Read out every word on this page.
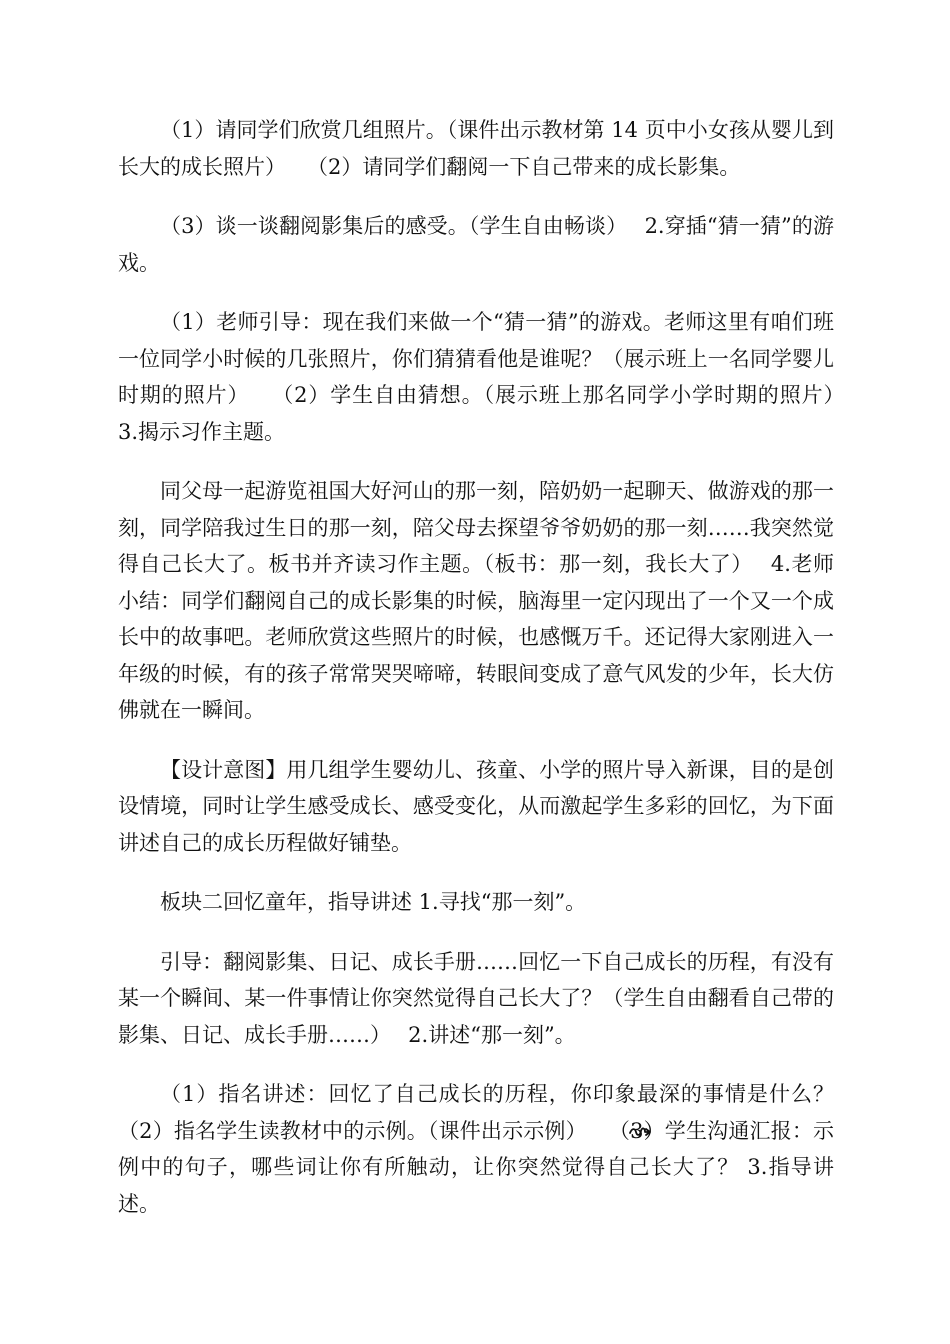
（1）请同学们欣赏几组照片。（课件出示教材第 14 页中小女孩从婴儿到长大的成长照片）　　（2）请同学们翻阅一下自己带来的成长影集。

（3）谈一谈翻阅影集后的感受。（学生自由畅谈）　 2.穿插“猜一猜”的游戏。

（1）老师引导：现在我们来做一个“猜一猜”的游戏。老师这里有咱们班一位同学小时候的几张照片，你们猜猜看他是谁呢？（展示班上一名同学婴儿时期的照片）　　（2）学生自由猜想。（展示班上那名同学小学时期的照片）　 3.揭示习作主题。

同父母一起游览祖国大好河山的那一刻，陪奶奶一起聊天、做游戏的那一刻，同学陪我过生日的那一刻，陪父母去探望爷爷奶奶的那一刻……我突然觉得自己长大了。板书并齐读习作主题。（板书：那一刻，我长大了）　 4.老师小结：同学们翻阅自己的成长影集的时候，脑海里一定闪现出了一个又一个成长中的故事吧。老师欣赏这些照片的时候，也感慨万千。还记得大家刚进入一年级的时候，有的孩子常常哭哭啼啼，转眼间变成了意气风发的少年，长大仿佛就在一瞬间。

【设计意图】用几组学生婴幼儿、孩童、小学的照片导入新课，目的是创设情境，同时让学生感受成长、感受变化，从而激起学生多彩的回忆，为下面讲述自己的成长历程做好铺垫。

板块二回忆童年，指导讲述 1.寻找“那一刻”。

引导：翻阅影集、日记、成长手册……回忆一下自己成长的历程，有没有某一个瞬间、某一件事情让你突然觉得自己长大了？（学生自由翻看自己带的影集、日记、成长手册……）　 2.讲述“那一刻”。

（1）指名讲述：回忆了自己成长的历程，你印象最深的事情是什么？（2）指名学生读教材中的示例。（课件出示示例） （3）学生沟通汇报：示例中的句子，哪些词让你有所触动，让你突然觉得自己长大了？ 3.指导讲述。
